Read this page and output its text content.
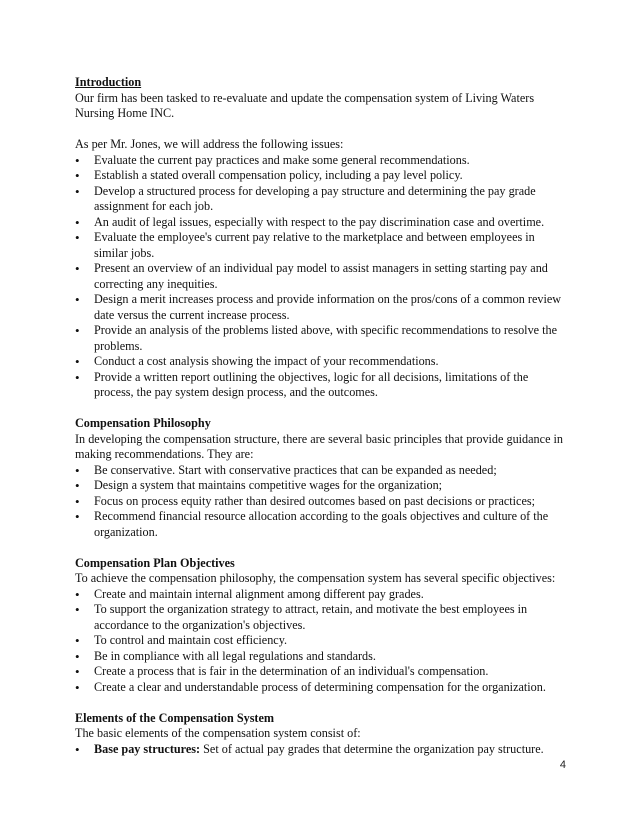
Introduction

Our firm has been tasked to re-evaluate and update the compensation system of Living Waters Nursing Home INC.

As per Mr. Jones, we will address the following issues:

•
Evaluate the current pay practices and make some general recommendations.
•
Establish a stated overall compensation policy, including a pay level policy.
•
Develop a structured process for developing a pay structure and determining the pay grade assignment for each job.
•
An audit of legal issues, especially with respect to the pay discrimination case and overtime.
•
Evaluate the employee's current pay relative to the marketplace and between employees in similar jobs.
•
Present an overview of an individual pay model to assist managers in setting starting pay and correcting any inequities.
•
Design a merit increases process and provide information on the pros/cons of a common review date versus the current increase process.
•
Provide an analysis of the problems listed above, with specific recommendations to resolve the problems.
•
Conduct a cost analysis showing the impact of your recommendations.
•
Provide a written report outlining the objectives, logic for all decisions, limitations of the process, the pay system design process, and the outcomes.

Compensation Philosophy

In developing the compensation structure, there are several basic principles that provide guidance in making recommendations. They are:

•
Be conservative. Start with conservative practices that can be expanded as needed;
•
Design a system that maintains competitive wages for the organization;
•
Focus on process equity rather than desired outcomes based on past decisions or practices;
•
Recommend financial resource allocation according to the goals objectives and culture of the organization.

Compensation Plan Objectives

To achieve the compensation philosophy, the compensation system has several specific objectives:

•
Create and maintain internal alignment among different pay grades.
•
To support the organization strategy to attract, retain, and motivate the best employees in accordance to the organization's objectives.
•
To control and maintain cost efficiency.
•
Be in compliance with all legal regulations and standards.
•
Create a process that is fair in the determination of an individual's compensation.
•
Create a clear and understandable process of determining compensation for the organization.

Elements of the Compensation System

The basic elements of the compensation system consist of:

•
Base pay structures: Set of actual pay grades that determine the organization pay structure.
4
